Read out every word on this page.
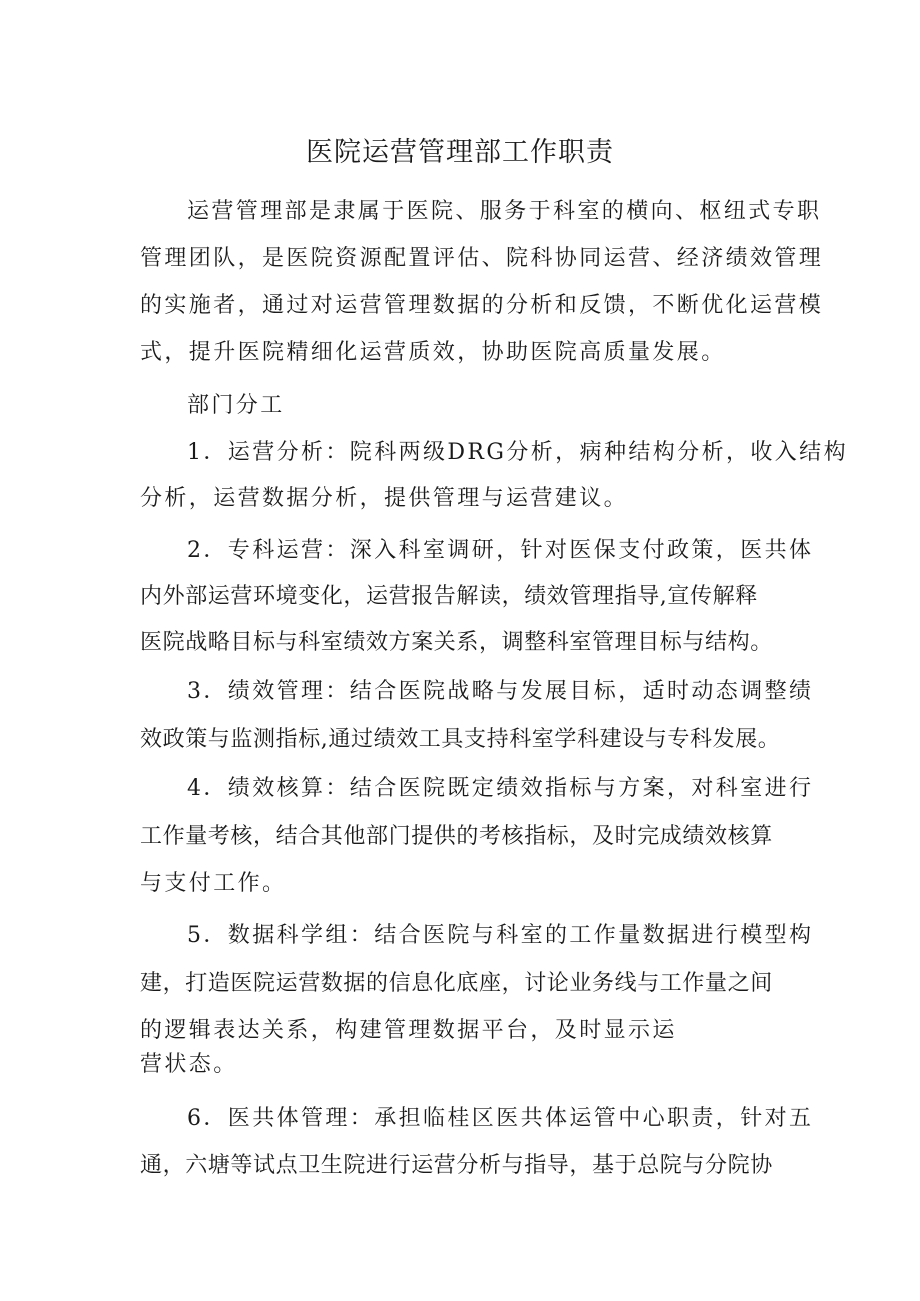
医院运营管理部工作职责

运营管理部是隶属于医院、服务于科室的横向、枢纽式专职

管理团队，是医院资源配置评估、院科协同运营、经济绩效管理

的实施者，通过对运营管理数据的分析和反馈，不断优化运营模

式，提升医院精细化运营质效，协助医院高质量发展。

部门分工

1．运营分析：院科两级DRG分析，病种结构分析，收入结构

分析，运营数据分析，提供管理与运营建议。

2．专科运营：深入科室调研，针对医保支付政策，医共体

内外部运营环境变化，运营报告解读，绩效管理指导,宣传解释

医院战略目标与科室绩效方案关系，调整科室管理目标与结构。

3．绩效管理：结合医院战略与发展目标，适时动态调整绩

效政策与监测指标,通过绩效工具支持科室学科建设与专科发展。

4．绩效核算：结合医院既定绩效指标与方案，对科室进行

工作量考核，结合其他部门提供的考核指标，及时完成绩效核算

与支付工作。

5．数据科学组：结合医院与科室的工作量数据进行模型构

建，打造医院运营数据的信息化底座，讨论业务线与工作量之间

的逻辑表达关系，构建管理数据平台，及时显示运

营状态。

6．医共体管理：承担临桂区医共体运管中心职责，针对五

通，六塘等试点卫生院进行运营分析与指导，基于总院与分院协
